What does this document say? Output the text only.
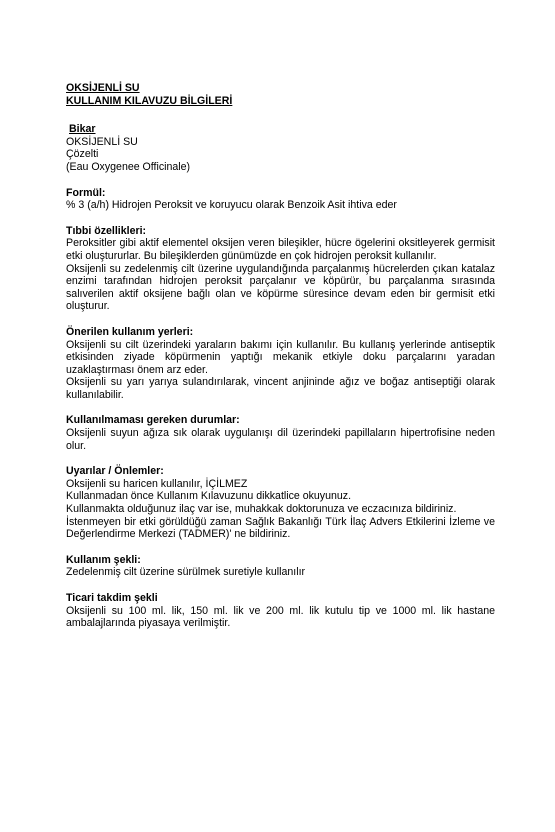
OKSİJENLİ SU

KULLANIM KILAVUZU BİLGİLERİ

Bikar

OKSİJENLİ SU

Çözelti

(Eau Oxygenee Officinale)

Formül:

% 3 (a/h) Hidrojen Peroksit ve koruyucu olarak Benzoik Asit ihtiva eder

Tıbbi özellikleri:

Peroksitler gibi aktif elementel oksijen veren bileşikler, hücre ögelerini oksitleyerek germisit etki oluştururlar. Bu bileşiklerden günümüzde en çok hidrojen peroksit kullanılır.

Oksijenli su zedelenmiş cilt üzerine uygulandığında parçalanmış hücrelerden çıkan katalaz enzimi tarafından hidrojen peroksit parçalanır ve köpürür, bu parçalanma sırasında salıverilen aktif oksijene bağlı olan ve köpürme süresince devam eden bir germisit etki oluşturur.

Önerilen kullanım yerleri:

Oksijenli su cilt üzerindeki yaraların bakımı için kullanılır. Bu kullanış yerlerinde antiseptik etkisinden ziyade köpürmenin yaptığı mekanik etkiyle doku parçalarını yaradan uzaklaştırması önem arz eder.

Oksijenli su yarı yarıya sulandırılarak, vincent anjininde ağız ve boğaz antiseptiği olarak kullanılabilir.

Kullanılmaması gereken durumlar:

Oksijenli suyun ağıza sık olarak uygulanışı dil üzerindeki papillaların hipertrofisine neden olur.

Uyarılar / Önlemler:

Oksijenli su haricen kullanılır, İÇİLMEZ

Kullanmadan önce Kullanım Kılavuzunu dikkatlice okuyunuz.

Kullanmakta olduğunuz ilaç var ise, muhakkak doktorunuza ve eczacınıza bildiriniz.

İstenmeyen bir etki görüldüğü zaman Sağlık Bakanlığı Türk İlaç Advers Etkilerini İzleme ve Değerlendirme Merkezi (TADMER)' ne bildiriniz.

Kullanım şekli:

Zedelenmiş cilt üzerine sürülmek suretiyle kullanılır

Ticari takdim şekli

Oksijenli su 100 ml. lik, 150 ml. lik ve 200 ml. lik kutulu tip ve 1000 ml. lik hastane ambalajlarında piyasaya verilmiştir.
